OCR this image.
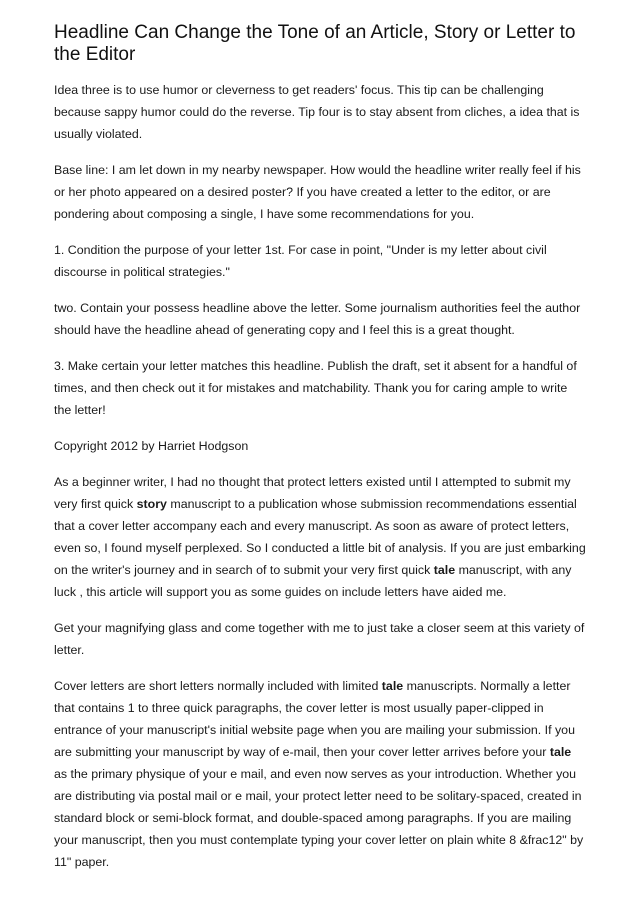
Headline Can Change the Tone of an Article, Story or Letter to the Editor

Idea three is to use humor or cleverness to get readers' focus. This tip can be challenging because sappy humor could do the reverse. Tip four is to stay absent from cliches, a idea that is usually violated.

Base line: I am let down in my nearby newspaper. How would the headline writer really feel if his or her photo appeared on a desired poster? If you have created a letter to the editor, or are pondering about composing a single, I have some recommendations for you.

1. Condition the purpose of your letter 1st. For case in point, "Under is my letter about civil discourse in political strategies."

two. Contain your possess headline above the letter. Some journalism authorities feel the author should have the headline ahead of generating copy and I feel this is a great thought.

3. Make certain your letter matches this headline. Publish the draft, set it absent for a handful of times, and then check out it for mistakes and matchability. Thank you for caring ample to write the letter!

Copyright 2012 by Harriet Hodgson

As a beginner writer, I had no thought that protect letters existed until I attempted to submit my very first quick story manuscript to a publication whose submission recommendations essential that a cover letter accompany each and every manuscript. As soon as aware of protect letters, even so, I found myself perplexed. So I conducted a little bit of analysis. If you are just embarking on the writer's journey and in search of to submit your very first quick tale manuscript, with any luck , this article will support you as some guides on include letters have aided me.

Get your magnifying glass and come together with me to just take a closer seem at this variety of letter.

Cover letters are short letters normally included with limited tale manuscripts. Normally a letter that contains 1 to three quick paragraphs, the cover letter is most usually paper-clipped in entrance of your manuscript's initial website page when you are mailing your submission. If you are submitting your manuscript by way of e-mail, then your cover letter arrives before your tale as the primary physique of your e mail, and even now serves as your introduction. Whether you are distributing via postal mail or e mail, your protect letter need to be solitary-spaced, created in standard block or semi-block format, and double-spaced among paragraphs. If you are mailing your manuscript, then you must contemplate typing your cover letter on plain white 8 &frac12" by 11" paper.
